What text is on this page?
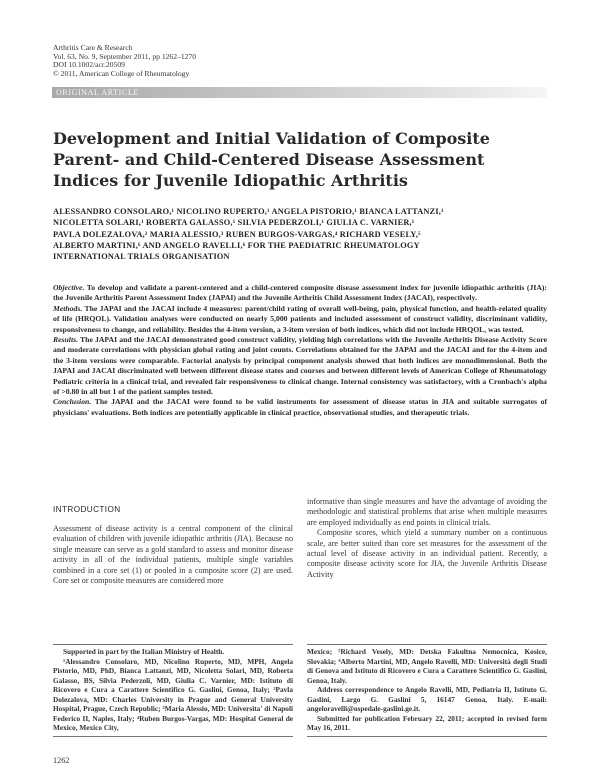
Arthritis Care & Research
Vol. 63, No. 9, September 2011, pp 1262–1270
DOI 10.1002/acr.20509
© 2011, American College of Rheumatology
ORIGINAL ARTICLE
Development and Initial Validation of Composite
Parent- and Child-Centered Disease Assessment
Indices for Juvenile Idiopathic Arthritis
ALESSANDRO CONSOLARO,¹ NICOLINO RUPERTO,¹ ANGELA PISTORIO,¹ BIANCA LATTANZI,¹
NICOLETTA SOLARI,¹ ROBERTA GALASSO,¹ SILVIA PEDERZOLI,¹ GIULIA C. VARNIER,¹
PAVLA DOLEZALOVA,² MARIA ALESSIO,³ RUBEN BURGOS-VARGAS,⁴ RICHARD VESELY,⁵
ALBERTO MARTINI,⁶ AND ANGELO RAVELLI,⁶ FOR THE PAEDIATRIC RHEUMATOLOGY
INTERNATIONAL TRIALS ORGANISATION

Objective. To develop and validate a parent-centered and a child-centered composite disease assessment index for juvenile idiopathic arthritis (JIA): the Juvenile Arthritis Parent Assessment Index (JAPAI) and the Juvenile Arthritis Child Assessment Index (JACAI), respectively.

Methods. The JAPAI and the JACAI include 4 measures: parent/child rating of overall well-being, pain, physical function, and health-related quality of life (HRQOL). Validation analyses were conducted on nearly 5,000 patients and included assessment of construct validity, discriminant validity, responsiveness to change, and reliability. Besides the 4-item version, a 3-item version of both indices, which did not include HRQOL, was tested.

Results. The JAPAI and the JACAI demonstrated good construct validity, yielding high correlations with the Juvenile Arthritis Disease Activity Score and moderate correlations with physician global rating and joint counts. Correlations obtained for the JAPAI and the JACAI and for the 4-item and the 3-item versions were comparable. Factorial analysis by principal component analysis showed that both indices are monodimensional. Both the JAPAI and JACAI discriminated well between different disease states and courses and between different levels of American College of Rheumatology Pediatric criteria in a clinical trial, and revealed fair responsiveness to clinical change. Internal consistency was satisfactory, with a Cronbach's alpha of >0.80 in all but 1 of the patient samples tested.

Conclusion. The JAPAI and the JACAI were found to be valid instruments for assessment of disease status in JIA and suitable surrogates of physicians' evaluations. Both indices are potentially applicable in clinical practice, observational studies, and therapeutic trials.

INTRODUCTION

Assessment of disease activity is a central component of the clinical evaluation of children with juvenile idiopathic arthritis (JIA). Because no single measure can serve as a gold standard to assess and monitor disease activity in all of the individual patients, multiple single variables combined in a core set (1) or pooled in a composite score (2) are used. Core set or composite measures are considered more

informative than single measures and have the advantage of avoiding the methodologic and statistical problems that arise when multiple measures are employed individually as end points in clinical trials.

Composite scores, which yield a summary number on a continuous scale, are better suited than core set measures for the assessment of the actual level of disease activity in an individual patient. Recently, a composite disease activity score for JIA, the Juvenile Arthritis Disease Activity

Supported in part by the Italian Ministry of Health.

¹Alessandro Consolaro, MD, Nicolino Ruperto, MD, MPH, Angela Pistorio, MD, PhD, Bianca Lattanzi, MD, Nicoletta Solari, MD, Roberta Galasso, BS, Silvia Pederzoli, MD, Giulia C. Varnier, MD: Istituto di Ricovero e Cura a Carattere Scientifico G. Gaslini, Genoa, Italy; ²Pavla Dolezalova, MD: Charles University in Prague and General University Hospital, Prague, Czech Republic; ³Maria Alessio, MD: Universita' di Napoli Federico II, Naples, Italy; ⁴Ruben Burgos-Vargas, MD: Hospital General de Mexico, Mexico City,

Mexico; ⁵Richard Vesely, MD: Detska Fakultna Nemocnica, Kosice, Slovakia; ⁶Alberto Martini, MD, Angelo Ravelli, MD: Università degli Studi di Genova and Istituto di Ricovero e Cura a Carattere Scientifico G. Gaslini, Genoa, Italy.

Address correspondence to Angelo Ravelli, MD, Pediatria II, Istituto G. Gaslini, Largo G. Gaslini 5, 16147 Genoa, Italy. E-mail: angeloravelli@ospedale-gaslini.ge.it.

Submitted for publication February 22, 2011; accepted in revised form May 16, 2011.

1262
